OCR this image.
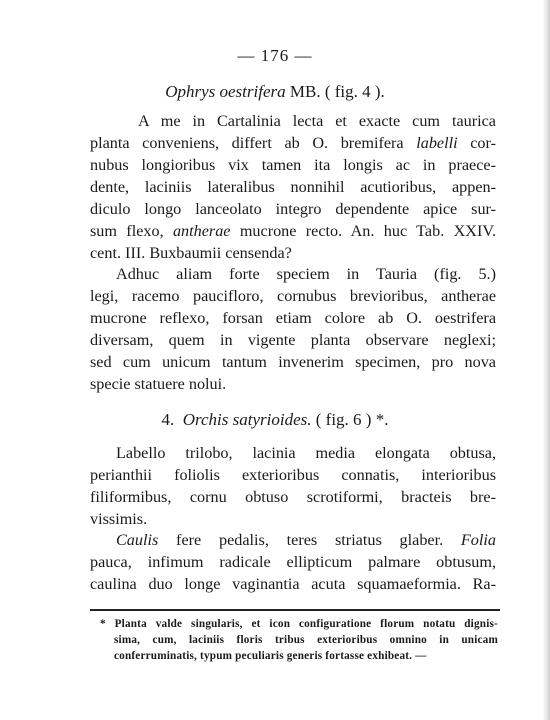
— 176 —
Ophrys oestrifera MB. ( fig. 4 ).
A me in Cartalinia lecta et exacte cum taurica
planta conveniens, differt ab O. bremifera labelli cor-
nubus longioribus vix tamen ita longis ac in praece-
dente, laciniis lateralibus nonnihil acutioribus, appen-
diculo longo lanceolato integro dependente apice sur-
sum flexo, antherae mucrone recto. An. huc Tab. XXIV.
cent. III. Buxbaumii censenda?
Adhuc aliam forte speciem in Tauria (fig. 5.)
legi, racemo paucifloro, cornubus brevioribus, antherae
mucrone reflexo, forsan etiam colore ab O. oestrifera
diversam, quem in vigente planta observare neglexi;
sed cum unicum tantum invenerim specimen, pro nova
specie statuere nolui.
4. Orchis satyrioides. ( fig. 6 ) *.
Labello trilobo, lacinia media elongata obtusa,
perianthii foliolis exterioribus connatis, interioribus
filiformibus, cornu obtuso scrotiformi, bracteis bre-
vissimis.
Caulis fere pedalis, teres striatus glaber. Folia
pauca, infimum radicale ellipticum palmare obtusum,
caulina duo longe vaginantia acuta squamaeformia. Ra-
* Planta valde singularis, et icon configuratione florum notatu dignis-
sima, cum, laciniis floris tribus exterioribus omnino in unicam
conferruminatis, typum peculiaris generis fortasse exhibeat. —
